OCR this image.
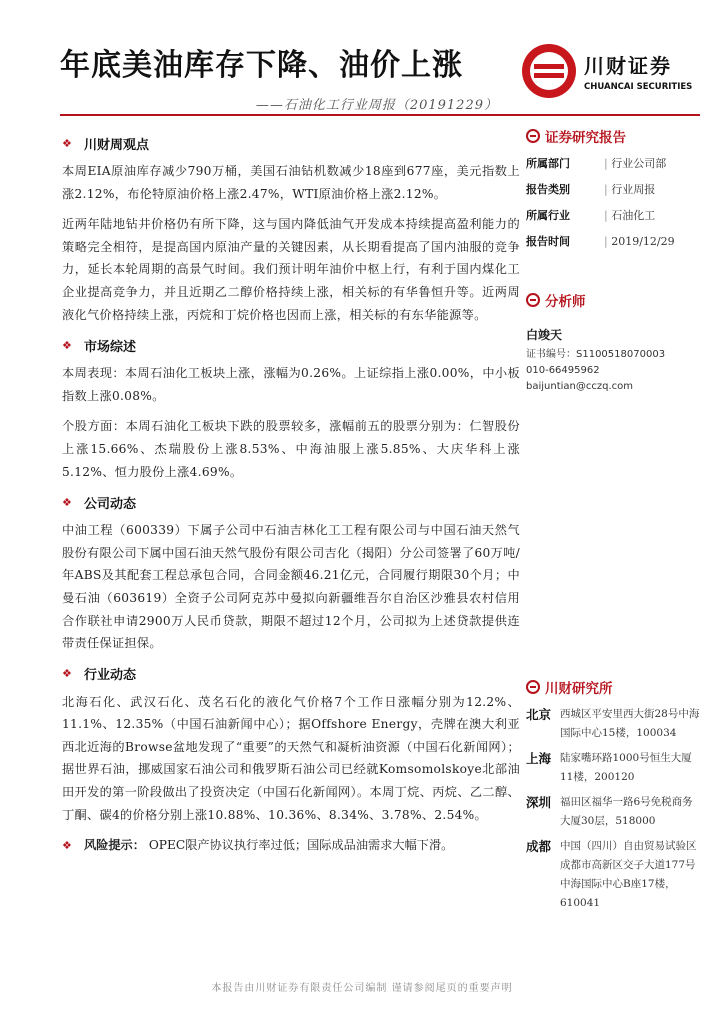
年底美油库存下降、油价上涨
——石油化工行业周报（20191229）
川财证券
CHUANCAI SECURITIES
❖ 川财周观点

本周EIA原油库存减少790万桶，美国石油钻机数减少18座到677座，美元指数上涨2.12%，布伦特原油价格上涨2.47%，WTI原油价格上涨2.12%。

近两年陆地钻井价格仍有所下降，这与国内降低油气开发成本持续提高盈利能力的策略完全相符，是提高国内原油产量的关键因素，从长期看提高了国内油服的竞争力，延长本轮周期的高景气时间。我们预计明年油价中枢上行，有利于国内煤化工企业提高竞争力，并且近期乙二醇价格持续上涨，相关标的有华鲁恒升等。近两周液化气价格持续上涨，丙烷和丁烷价格也因而上涨，相关标的有东华能源等。

❖ 市场综述

本周表现：本周石油化工板块上涨，涨幅为0.26%。上证综指上涨0.00%，中小板指数上涨0.08%。

个股方面：本周石油化工板块下跌的股票较多，涨幅前五的股票分别为：仁智股份上涨15.66%、杰瑞股份上涨8.53%、中海油服上涨5.85%、大庆华科上涨5.12%、恒力股份上涨4.69%。

❖ 公司动态

中油工程（600339）下属子公司中石油吉林化工工程有限公司与中国石油天然气股份有限公司下属中国石油天然气股份有限公司吉化（揭阳）分公司签署了60万吨/年ABS及其配套工程总承包合同，合同金额46.21亿元，合同履行期限30个月；中曼石油（603619）全资子公司阿克苏中曼拟向新疆维吾尔自治区沙雅县农村信用合作联社申请2900万人民币贷款，期限不超过12个月，公司拟为上述贷款提供连带责任保证担保。

❖ 行业动态

北海石化、武汉石化、茂名石化的液化气价格7个工作日涨幅分别为12.2%、11.1%、12.35%（中国石油新闻中心）；据Offshore Energy，壳牌在澳大利亚西北近海的Browse盆地发现了“重要”的天然气和凝析油资源（中国石化新闻网）；据世界石油，挪威国家石油公司和俄罗斯石油公司已经就Komsomolskoye北部油田开发的第一阶段做出了投资决定（中国石化新闻网）。本周丁烷、丙烷、乙二醇、丁酮、碳4的价格分别上涨10.88%、10.36%、8.34%、3.78%、2.54%。

❖ 风险提示： OPEC限产协议执行率过低；国际成品油需求大幅下滑。
证券研究报告
所属部门	| 行业公司部
报告类别	| 行业周报
所属行业	| 石油化工
报告时间	| 2019/12/29
分析师
白竣天
证书编号：S1100518070003
010-66495962
baijuntian@cczq.com
川财研究所
北京 西城区平安里西大街28号中海国际中心15楼，100034
上海 陆家嘴环路1000号恒生大厦11楼，200120
深圳 福田区福华一路6号免税商务大厦30层，518000
成都 中国（四川）自由贸易试验区成都市高新区交子大道177号中海国际中心B座17楼，610041
本报告由川财证券有限责任公司编制 谨请参阅尾页的重要声明
